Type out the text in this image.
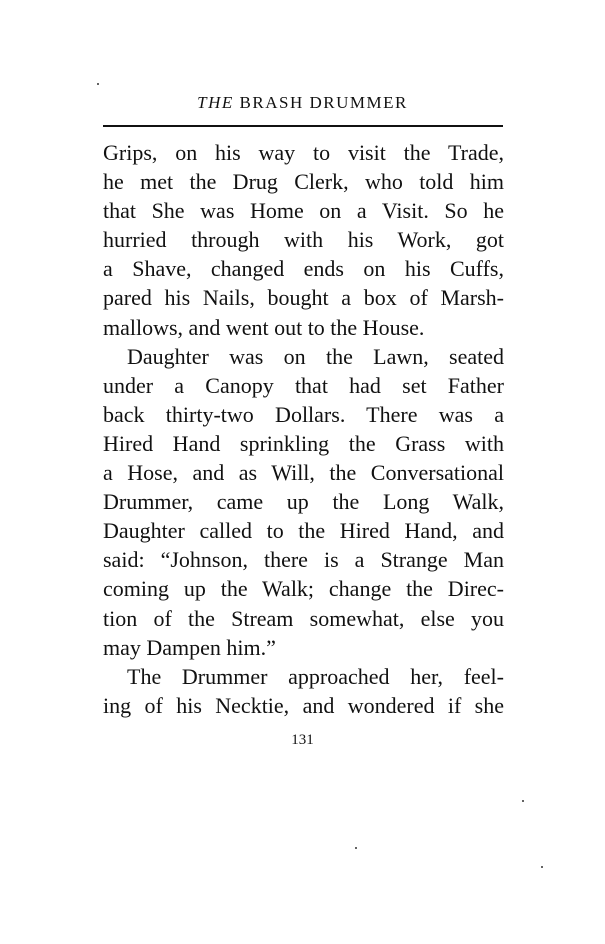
THE BRASH DRUMMER
Grips, on his way to visit the Trade,
he met the Drug Clerk, who told him
that She was Home on a Visit. So he
hurried through with his Work, got
a Shave, changed ends on his Cuffs,
pared his Nails, bought a box of Marsh-
mallows, and went out to the House.
Daughter was on the Lawn, seated
under a Canopy that had set Father
back thirty-two Dollars. There was a
Hired Hand sprinkling the Grass with
a Hose, and as Will, the Conversational
Drummer, came up the Long Walk,
Daughter called to the Hired Hand, and
said: “Johnson, there is a Strange Man
coming up the Walk; change the Direc-
tion of the Stream somewhat, else you
may Dampen him.”
The Drummer approached her, feel-
ing of his Necktie, and wondered if she
131
